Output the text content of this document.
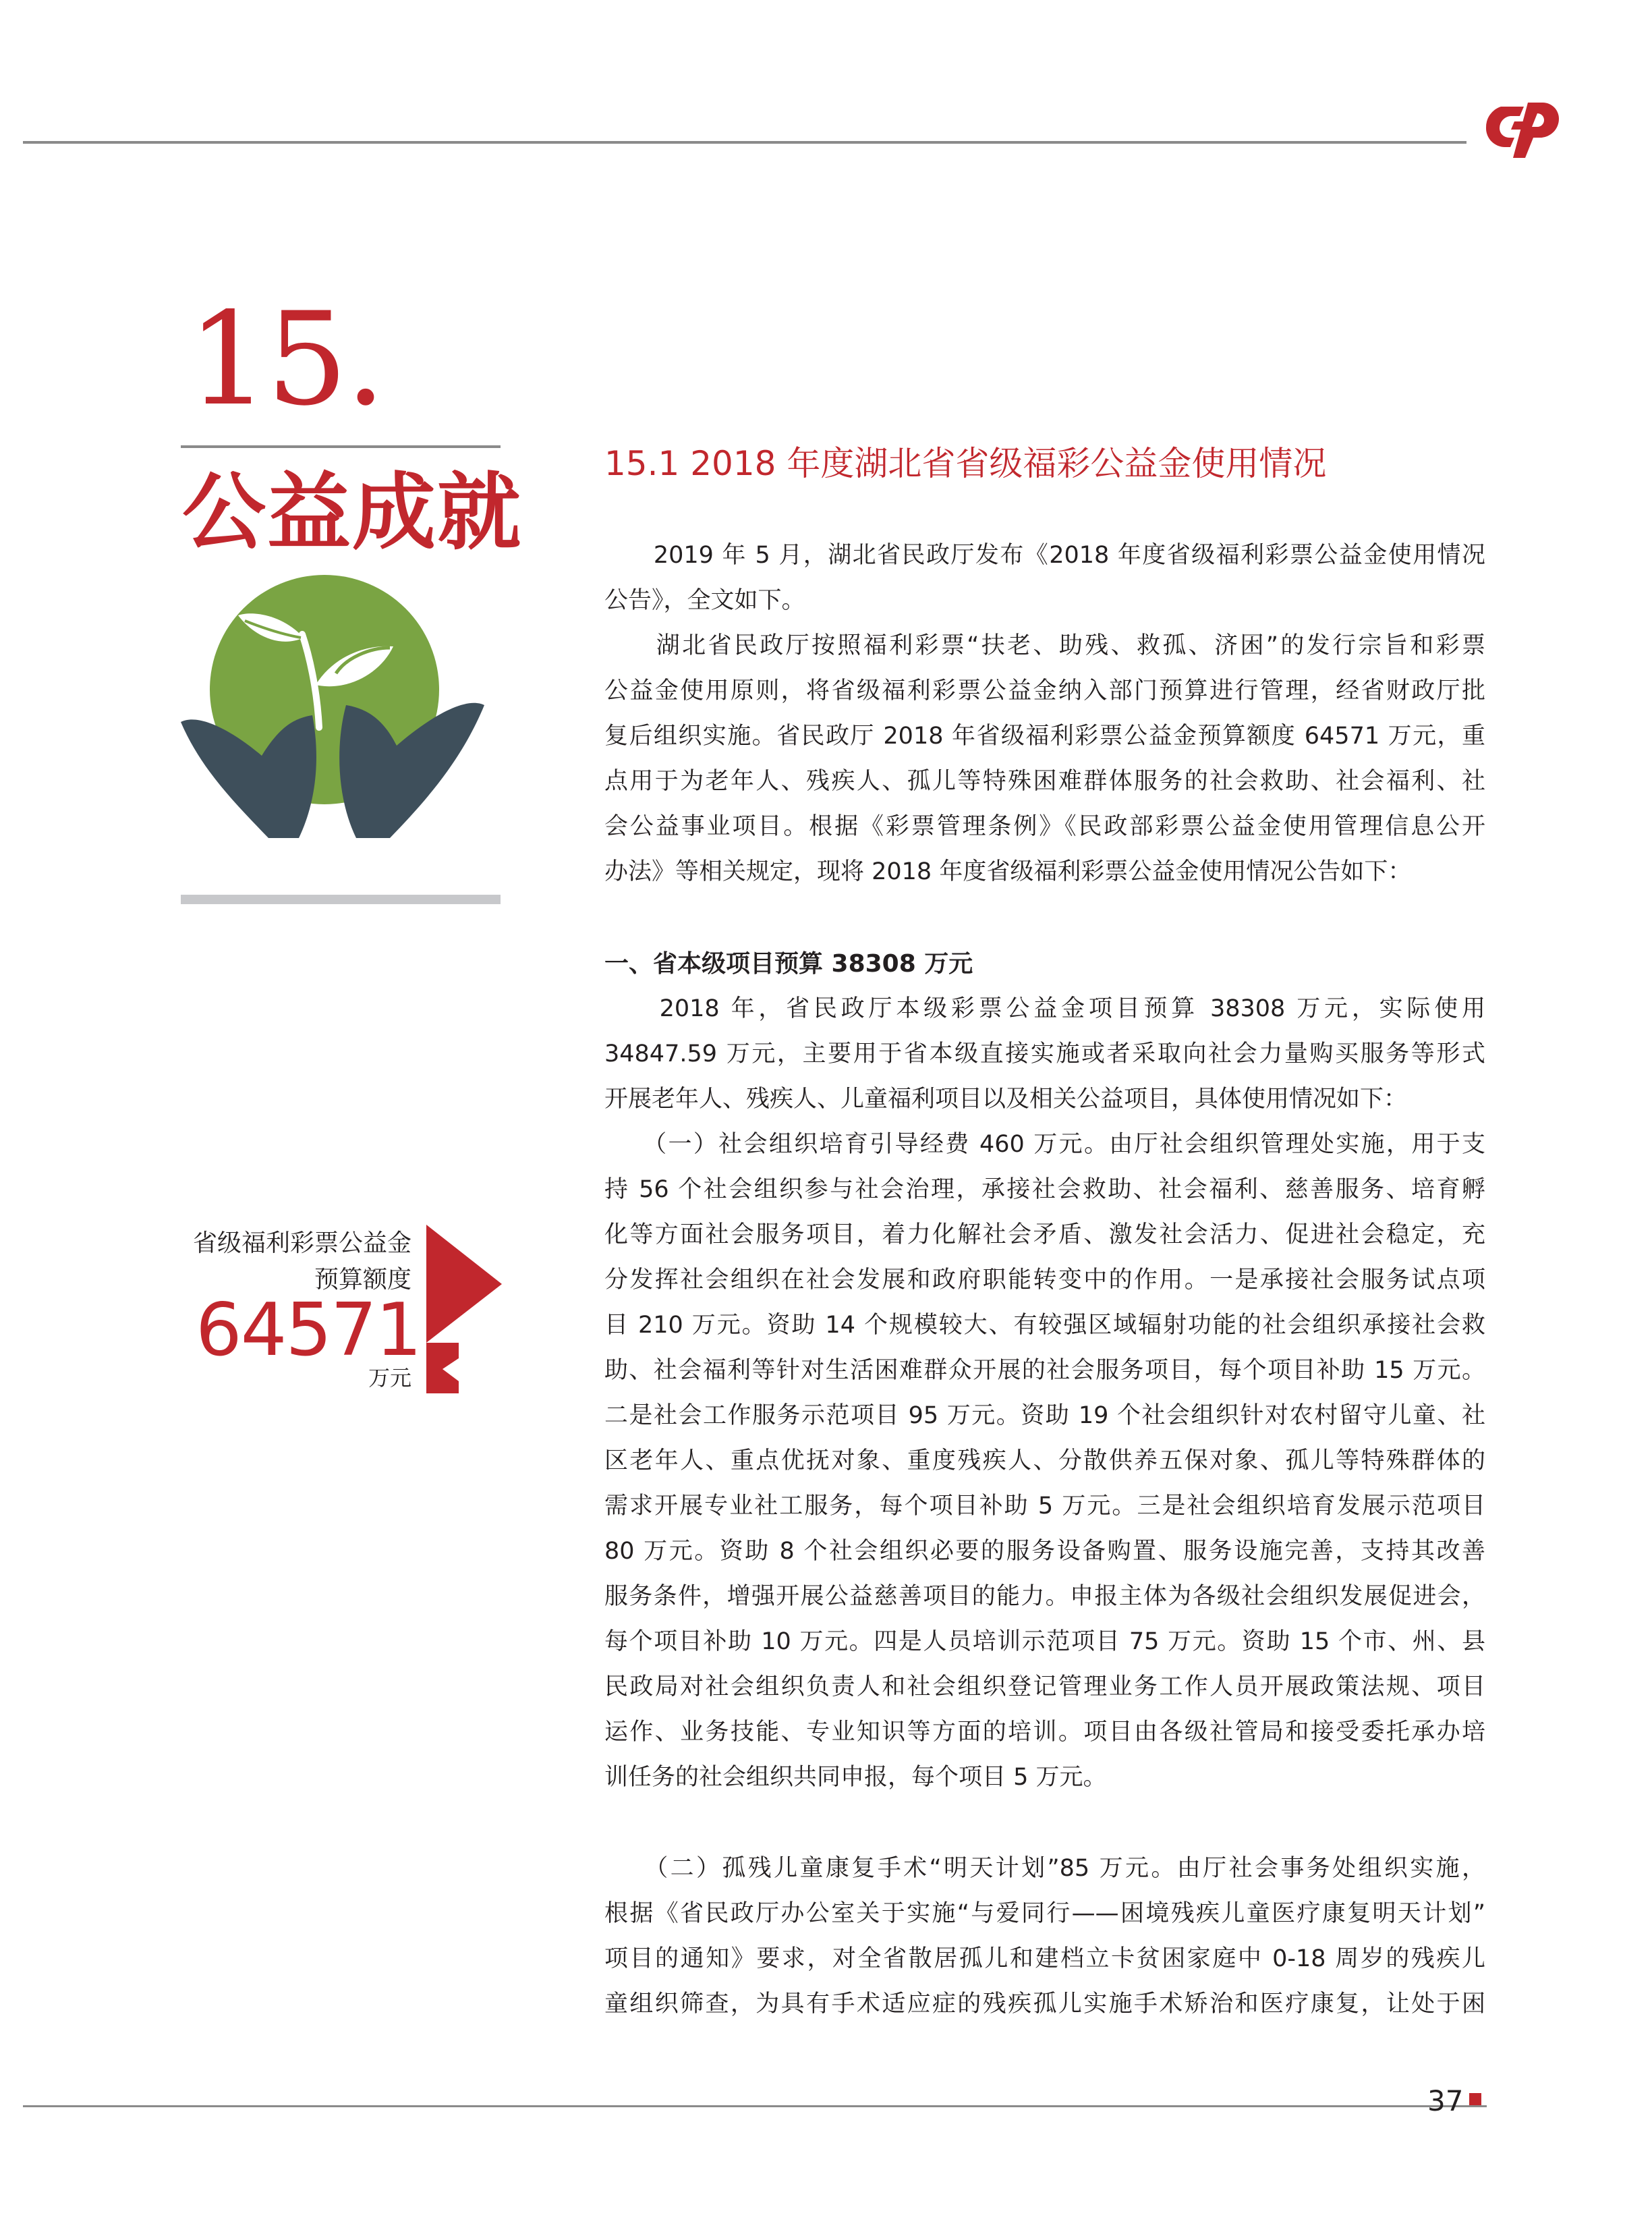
15.
公益成就
省级福利彩票公益金
预算额度
64571
万元
15.1 2018 年度湖北省省级福彩公益金使用情况
　　2019 年 5 月，湖北省民政厅发布《2018 年度省级福利彩票公益金使用情况
公告》，全文如下。
　　湖北省民政厅按照福利彩票“扶老、助残、救孤、济困”的发行宗旨和彩票
公益金使用原则，将省级福利彩票公益金纳入部门预算进行管理，经省财政厅批
复后组织实施。省民政厅 2018 年省级福利彩票公益金预算额度 64571 万元，重
点用于为老年人、残疾人、孤儿等特殊困难群体服务的社会救助、社会福利、社
会公益事业项目。根据《彩票管理条例》《民政部彩票公益金使用管理信息公开
办法》等相关规定，现将 2018 年度省级福利彩票公益金使用情况公告如下：
一、省本级项目预算 38308 万元
　　2018 年，省民政厅本级彩票公益金项目预算 38308 万元，实际使用
34847.59 万元，主要用于省本级直接实施或者采取向社会力量购买服务等形式
开展老年人、残疾人、儿童福利项目以及相关公益项目，具体使用情况如下：
　　（一）社会组织培育引导经费 460 万元。由厅社会组织管理处实施，用于支
持 56 个社会组织参与社会治理，承接社会救助、社会福利、慈善服务、培育孵
化等方面社会服务项目，着力化解社会矛盾、激发社会活力、促进社会稳定，充
分发挥社会组织在社会发展和政府职能转变中的作用。一是承接社会服务试点项
目 210 万元。资助 14 个规模较大、有较强区域辐射功能的社会组织承接社会救
助、社会福利等针对生活困难群众开展的社会服务项目，每个项目补助 15 万元。
二是社会工作服务示范项目 95 万元。资助 19 个社会组织针对农村留守儿童、社
区老年人、重点优抚对象、重度残疾人、分散供养五保对象、孤儿等特殊群体的
需求开展专业社工服务，每个项目补助 5 万元。三是社会组织培育发展示范项目
80 万元。资助 8 个社会组织必要的服务设备购置、服务设施完善，支持其改善
服务条件，增强开展公益慈善项目的能力。申报主体为各级社会组织发展促进会，
每个项目补助 10 万元。四是人员培训示范项目 75 万元。资助 15 个市、州、县
民政局对社会组织负责人和社会组织登记管理业务工作人员开展政策法规、项目
运作、业务技能、专业知识等方面的培训。项目由各级社管局和接受委托承办培
训任务的社会组织共同申报，每个项目 5 万元。
　　（二）孤残儿童康复手术“明天计划”85 万元。由厅社会事务处组织实施，
根据《省民政厅办公室关于实施“与爱同行——困境残疾儿童医疗康复明天计划”
项目的通知》要求，对全省散居孤儿和建档立卡贫困家庭中 0-18 周岁的残疾儿
童组织筛查，为具有手术适应症的残疾孤儿实施手术矫治和医疗康复，让处于困
37
